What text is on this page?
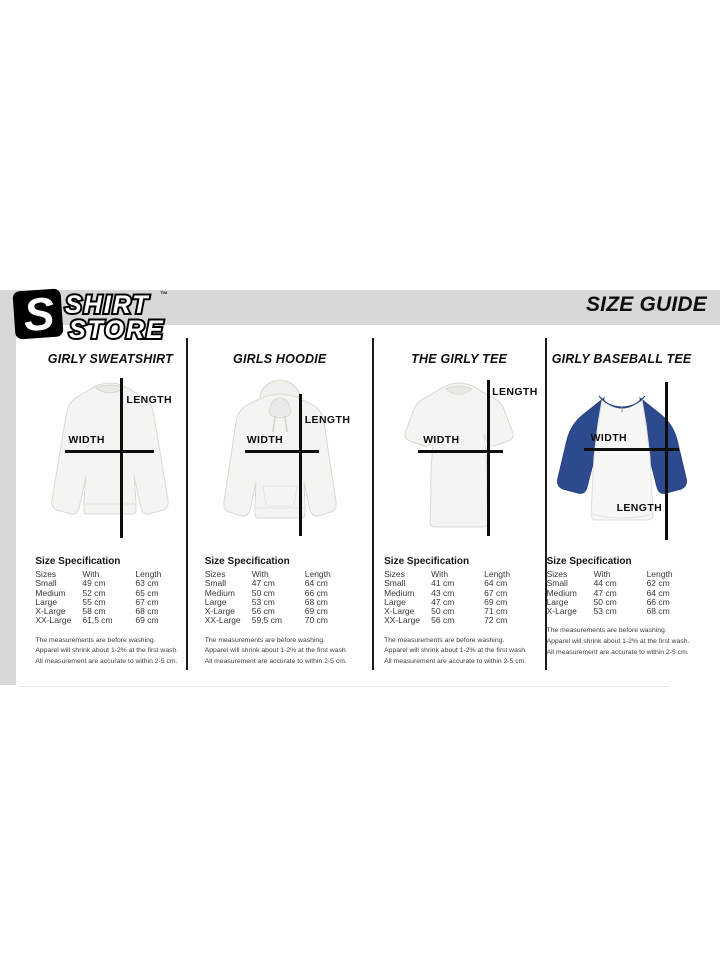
S SHIRT
STORE
™	SIZE GUIDE
GIRLY SWEATSHIRT
WIDTH
LENGTH
Size Specification
Sizes	With	Length
Small	49 cm	63 cm
Medium	52 cm	65 cm
Large	55 cm	67 cm
X-Large	58 cm	68 cm
XX-Large	61,5 cm	69 cm

The measurements are before washing.
Apparel will shrink about 1-2% at the first wash.
All measurement are accurate to within 2-5 cm.

GIRLS HOODIE
WIDTH
LENGTH
Size Specification
Sizes	With	Length
Small	47 cm	64 cm
Medium	50 cm	66 cm
Large	53 cm	68 cm
X-Large	56 cm	69 cm
XX-Large	59,5 cm	70 cm

The measurements are before washing.
Apparel will shrink about 1-2% at the first wash.
All measurement are accurate to within 2-5 cm.

THE GIRLY TEE
WIDTH
LENGTH
Size Specification
Sizes	With	Length
Small	41 cm	64 cm
Medium	43 cm	67 cm
Large	47 cm	69 cm
X-Large	50 cm	71 cm
XX-Large	56 cm	72 cm

The measurements are before washing.
Apparel will shrink about 1-2% at the first wash.
All measurement are accurate to within 2-5 cm.

GIRLY BASEBALL TEE
WIDTH
LENGTH
Size Specification
Sizes	With	Length
Small	44 cm	62 cm
Medium	47 cm	64 cm
Large	50 cm	66 cm
X-Large	53 cm	68 cm

The measurements are before washing.
Apparel will shrink about 1-2% at the first wash.
All measurement are accurate to within 2-5 cm.
